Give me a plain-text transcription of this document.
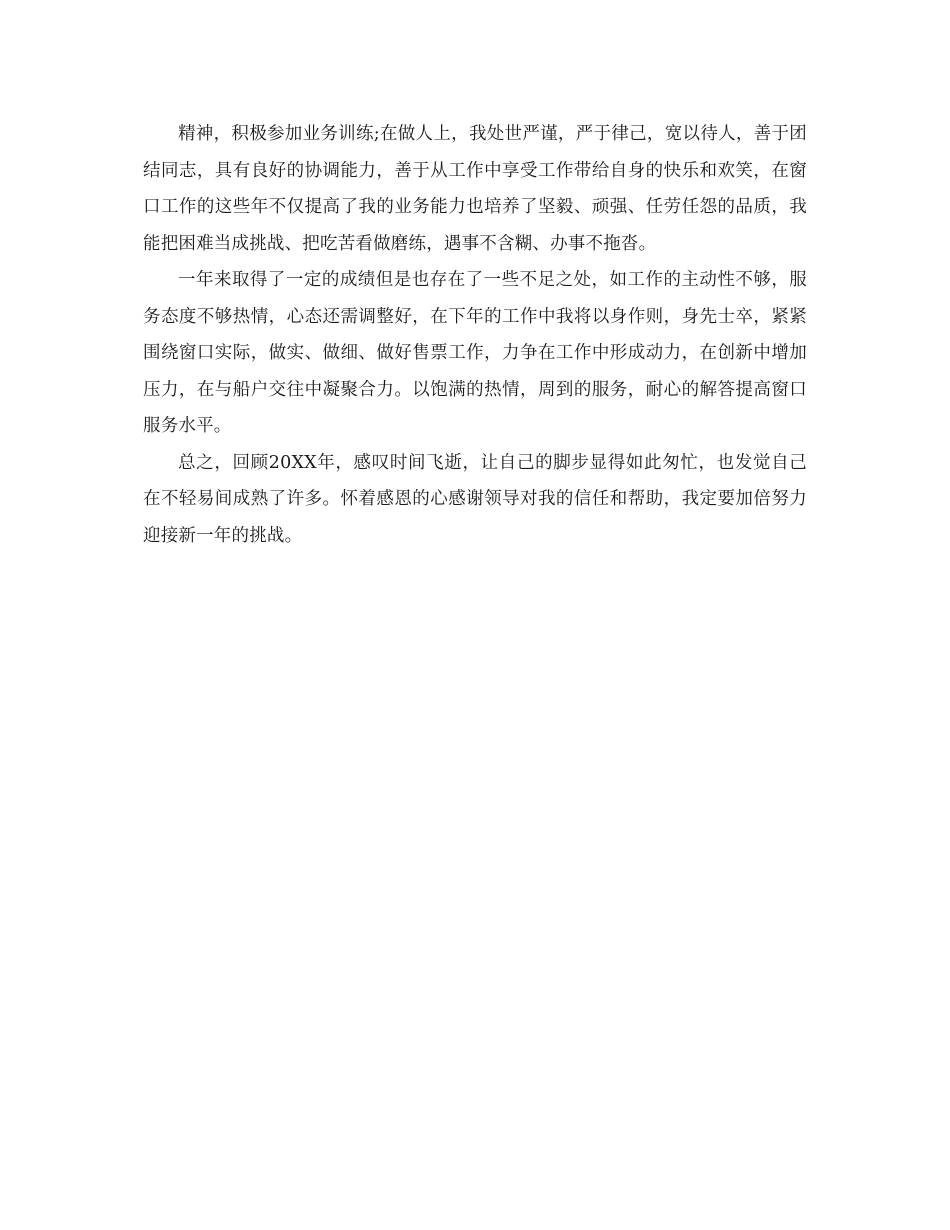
精神，积极参加业务训练;在做人上，我处世严谨，严于律己，宽以待人，善于团结同志，具有良好的协调能力，善于从工作中享受工作带给自身的快乐和欢笑，在窗口工作的这些年不仅提高了我的业务能力也培养了坚毅、顽强、任劳任怨的品质，我能把困难当成挑战、把吃苦看做磨练，遇事不含糊、办事不拖沓。

一年来取得了一定的成绩但是也存在了一些不足之处，如工作的主动性不够，服务态度不够热情，心态还需调整好，在下年的工作中我将以身作则，身先士卒，紧紧围绕窗口实际，做实、做细、做好售票工作，力争在工作中形成动力，在创新中增加压力，在与船户交往中凝聚合力。以饱满的热情，周到的服务，耐心的解答提高窗口服务水平。

总之，回顾20XX年，感叹时间飞逝，让自己的脚步显得如此匆忙，也发觉自己在不轻易间成熟了许多。怀着感恩的心感谢领导对我的信任和帮助，我定要加倍努力迎接新一年的挑战。
